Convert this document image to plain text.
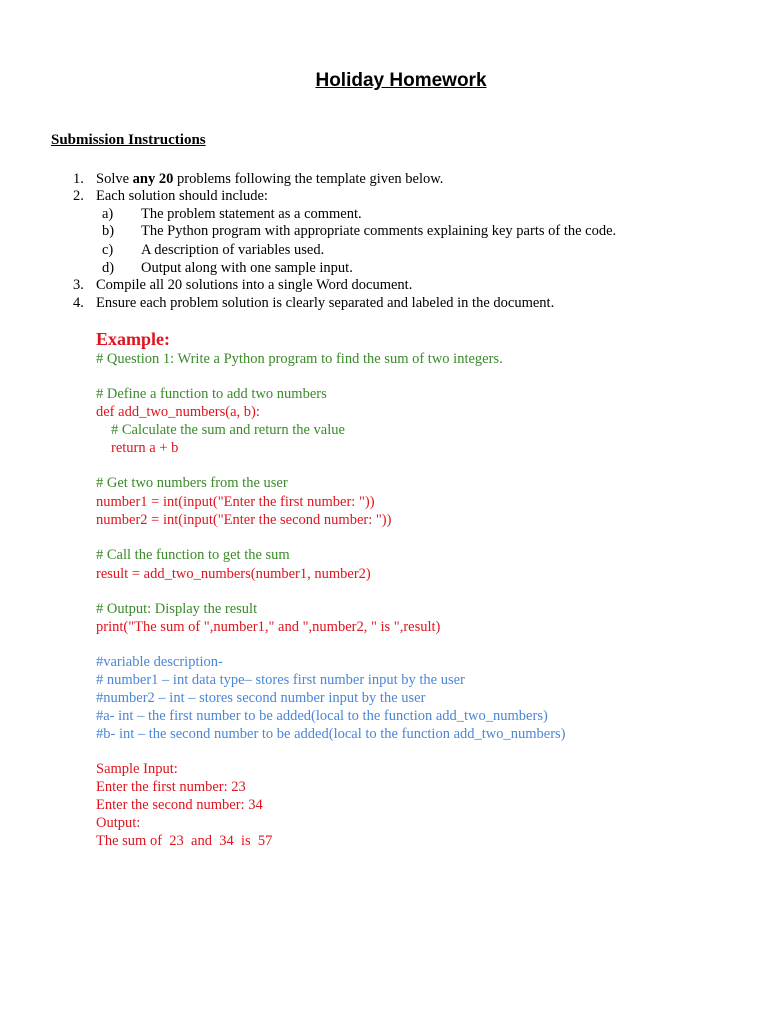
Holiday Homework
Submission Instructions
1. Solve any 20 problems following the template given below.
2. Each solution should include:
a) The problem statement as a comment.
b) The Python program with appropriate comments explaining key parts of the code.
c) A description of variables used.
d) Output along with one sample input.
3. Compile all 20 solutions into a single Word document.
4. Ensure each problem solution is clearly separated and labeled in the document.
Example:
# Question 1: Write a Python program to find the sum of two integers.
# Define a function to add two numbers
def add_two_numbers(a, b):
# Calculate the sum and return the value
return a + b
# Get two numbers from the user
number1 = int(input("Enter the first number: "))
number2 = int(input("Enter the second number: "))
# Call the function to get the sum
result = add_two_numbers(number1, number2)
# Output: Display the result
print("The sum of ",number1," and ",number2, " is ",result)
#variable description-
# number1 – int data type– stores first number input by the user
#number2 – int – stores second number input by the user
#a- int – the first number to be added(local to the function add_two_numbers)
#b- int – the second number to be added(local to the function add_two_numbers)
Sample Input:
Enter the first number: 23
Enter the second number: 34
Output:
The sum of  23  and  34  is  57
